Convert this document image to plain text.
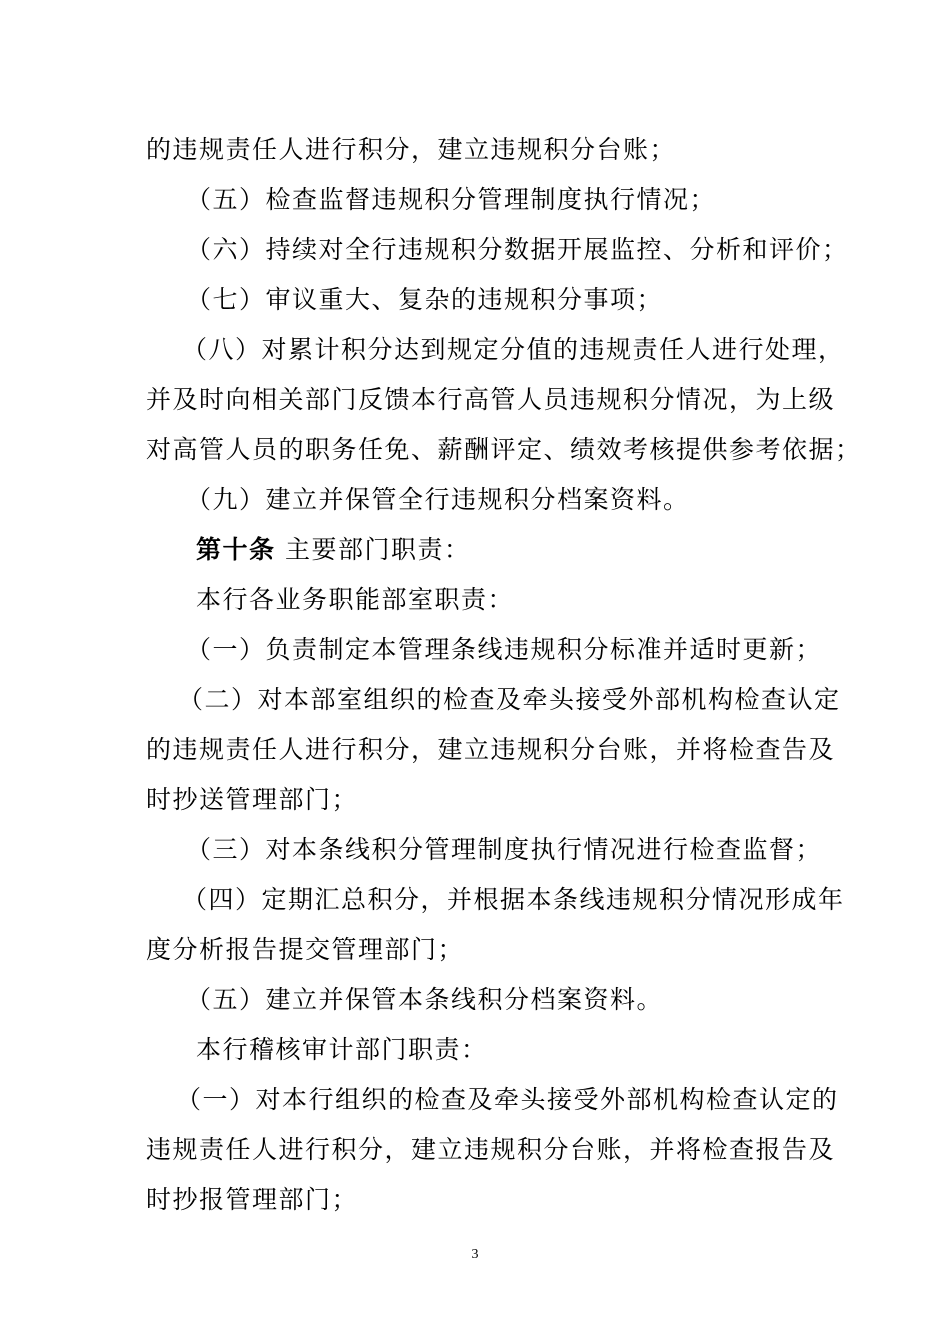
的违规责任人进行积分，建立违规积分台账；
（五）检查监督违规积分管理制度执行情况；
（六）持续对全行违规积分数据开展监控、分析和评价；
（七）审议重大、复杂的违规积分事项；
（八）对累计积分达到规定分值的违规责任人进行处理，
并及时向相关部门反馈本行高管人员违规积分情况，为上级
对高管人员的职务任免、薪酬评定、绩效考核提供参考依据；
（九）建立并保管全行违规积分档案资料。
第十条 主要部门职责：
本行各业务职能部室职责：
（一）负责制定本管理条线违规积分标准并适时更新；
（二）对本部室组织的检查及牵头接受外部机构检查认定
的违规责任人进行积分，建立违规积分台账，并将检查告及
时抄送管理部门；
（三）对本条线积分管理制度执行情况进行检查监督；
（四）定期汇总积分，并根据本条线违规积分情况形成年
度分析报告提交管理部门；
（五）建立并保管本条线积分档案资料。
本行稽核审计部门职责：
（一）对本行组织的检查及牵头接受外部机构检查认定的
违规责任人进行积分，建立违规积分台账，并将检查报告及
时抄报管理部门；
3
